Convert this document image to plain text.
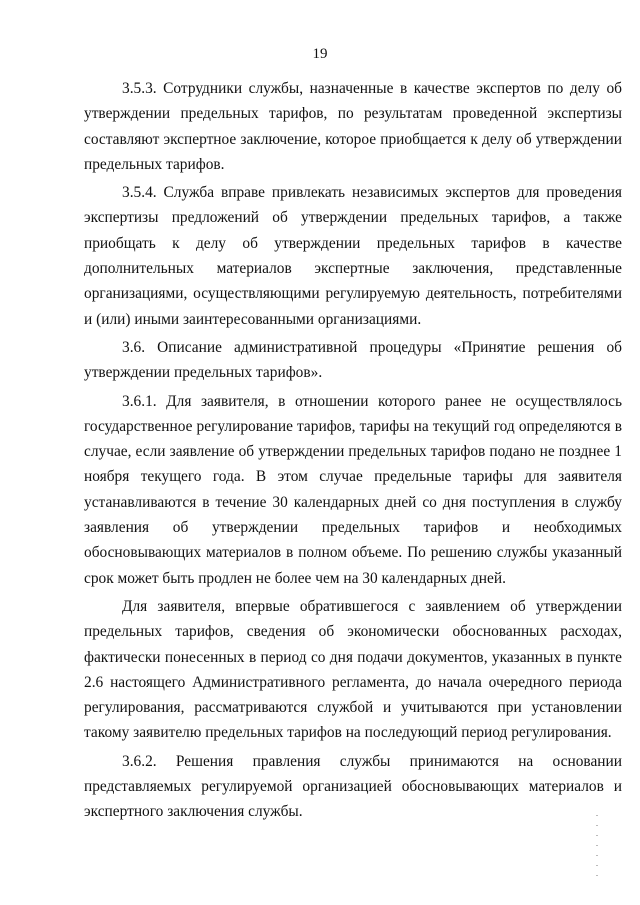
19

3.5.3. Сотрудники службы, назначенные в качестве экспертов по делу об утверждении предельных тарифов, по результатам проведенной экспертизы составляют экспертное заключение, которое приобщается к делу об утверждении предельных тарифов.

3.5.4. Служба вправе привлекать независимых экспертов для проведения экспертизы предложений об утверждении предельных тарифов, а также приобщать к делу об утверждении предельных тарифов в качестве дополнительных материалов экспертные заключения, представленные организациями, осуществляющими регулируемую деятельность, потребителями и (или) иными заинтересованными организациями.

3.6. Описание административной процедуры «Принятие решения об утверждении предельных тарифов».

3.6.1. Для заявителя, в отношении которого ранее не осуществлялось государственное регулирование тарифов, тарифы на текущий год определяются в случае, если заявление об утверждении предельных тарифов подано не позднее 1 ноября текущего года. В этом случае предельные тарифы для заявителя устанавливаются в течение 30 календарных дней со дня поступления в службу заявления об утверждении предельных тарифов и необходимых обосновывающих материалов в полном объеме. По решению службы указанный срок может быть продлен не более чем на 30 календарных дней.

Для заявителя, впервые обратившегося с заявлением об утверждении предельных тарифов, сведения об экономически обоснованных расходах, фактически понесенных в период со дня подачи документов, указанных в пункте 2.6 настоящего Административного регламента, до начала очередного периода регулирования, рассматриваются службой и учитываются при установлении такому заявителю предельных тарифов на последующий период регулирования.

3.6.2. Решения правления службы принимаются на основании представляемых регулируемой организацией обосновывающих материалов и экспертного заключения службы.
